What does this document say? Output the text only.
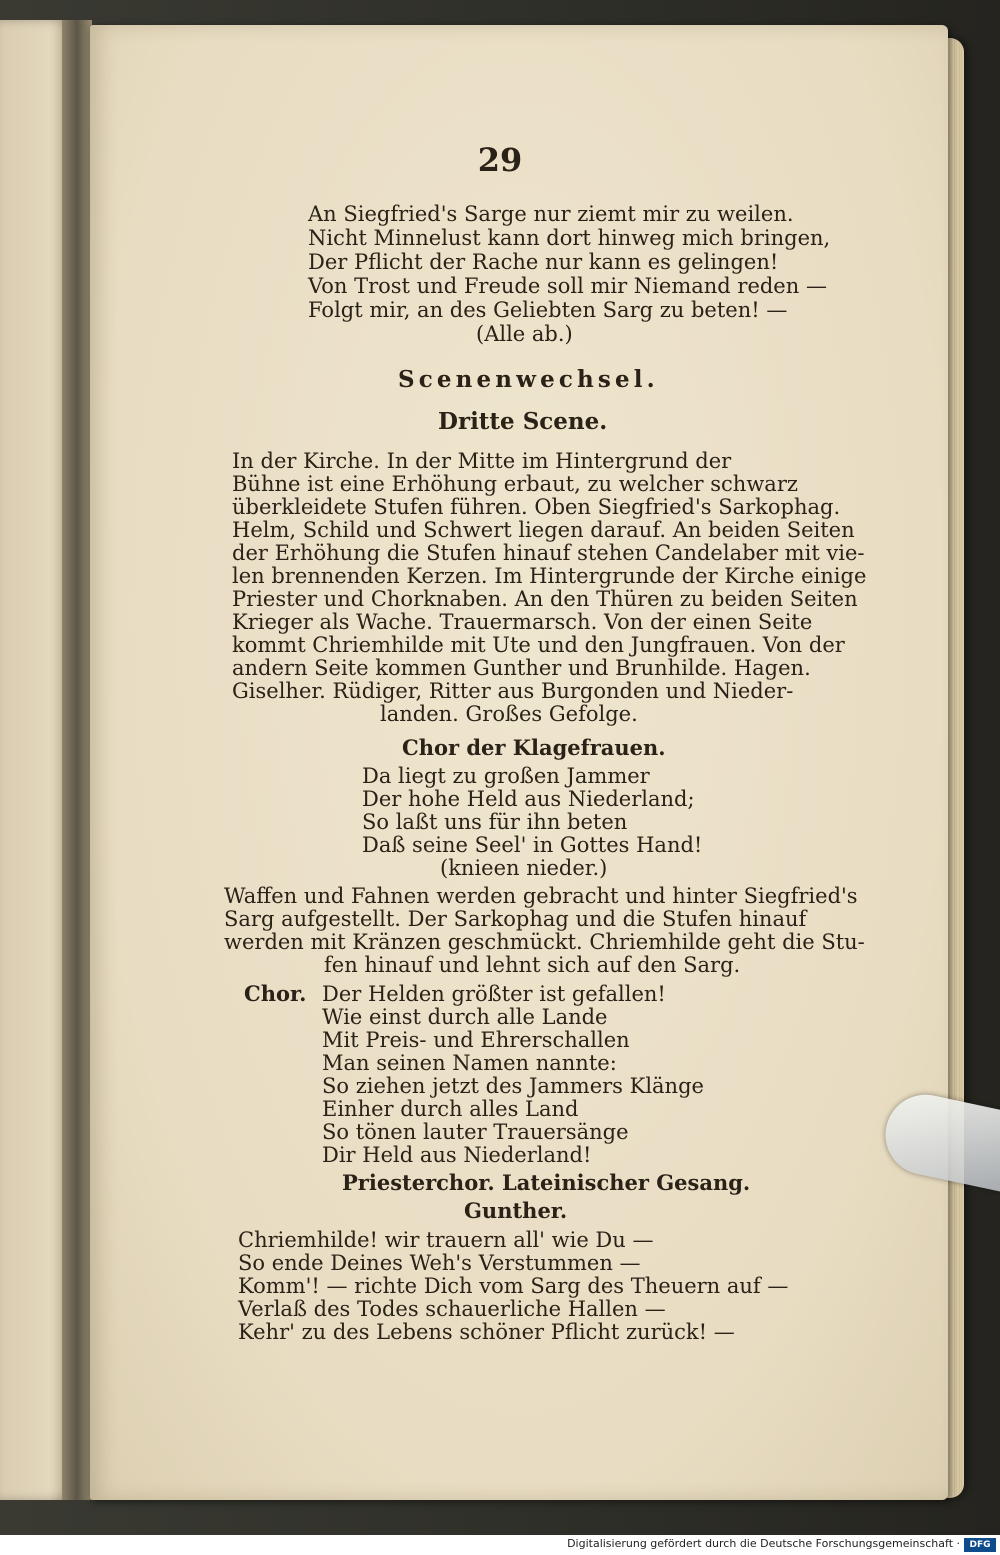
29
An Siegfried's Sarge nur ziemt mir zu weilen.
Nicht Minnelust kann dort hinweg mich bringen,
Der Pflicht der Rache nur kann es gelingen!
Von Trost und Freude soll mir Niemand reden —
Folgt mir, an des Geliebten Sarg zu beten! —
(Alle ab.)
Scenenwechsel.
Dritte Scene.
In der Kirche. In der Mitte im Hintergrund der
Bühne ist eine Erhöhung erbaut, zu welcher schwarz
überkleidete Stufen führen. Oben Siegfried's Sarkophag.
Helm, Schild und Schwert liegen darauf. An beiden Seiten
der Erhöhung die Stufen hinauf stehen Candelaber mit vie-
len brennenden Kerzen. Im Hintergrunde der Kirche einige
Priester und Chorknaben. An den Thüren zu beiden Seiten
Krieger als Wache. Trauermarsch. Von der einen Seite
kommt Chriemhilde mit Ute und den Jungfrauen. Von der
andern Seite kommen Gunther und Brunhilde. Hagen.
Giselher. Rüdiger, Ritter aus Burgonden und Nieder-
landen. Großes Gefolge.
Chor der Klagefrauen.
Da liegt zu großen Jammer
Der hohe Held aus Niederland;
So laßt uns für ihn beten
Daß seine Seel' in Gottes Hand!
(knieen nieder.)
Waffen und Fahnen werden gebracht und hinter Siegfried's
Sarg aufgestellt. Der Sarkophag und die Stufen hinauf
werden mit Kränzen geschmückt. Chriemhilde geht die Stu-
fen hinauf und lehnt sich auf den Sarg.
Chor. Der Helden größter ist gefallen!
Wie einst durch alle Lande
Mit Preis- und Ehrerschallen
Man seinen Namen nannte:
So ziehen jetzt des Jammers Klänge
Einher durch alles Land
So tönen lauter Trauersänge
Dir Held aus Niederland!
Priesterchor. Lateinischer Gesang.
Gunther.
Chriemhilde! wir trauern all' wie Du —
So ende Deines Weh's Verstummen —
Komm'! — richte Dich vom Sarg des Theuern auf —
Verlaß des Todes schauerliche Hallen —
Kehr' zu des Lebens schöner Pflicht zurück! —
Digitalisierung gefördert durch die Deutsche Forschungsgemeinschaft ·	DFG
